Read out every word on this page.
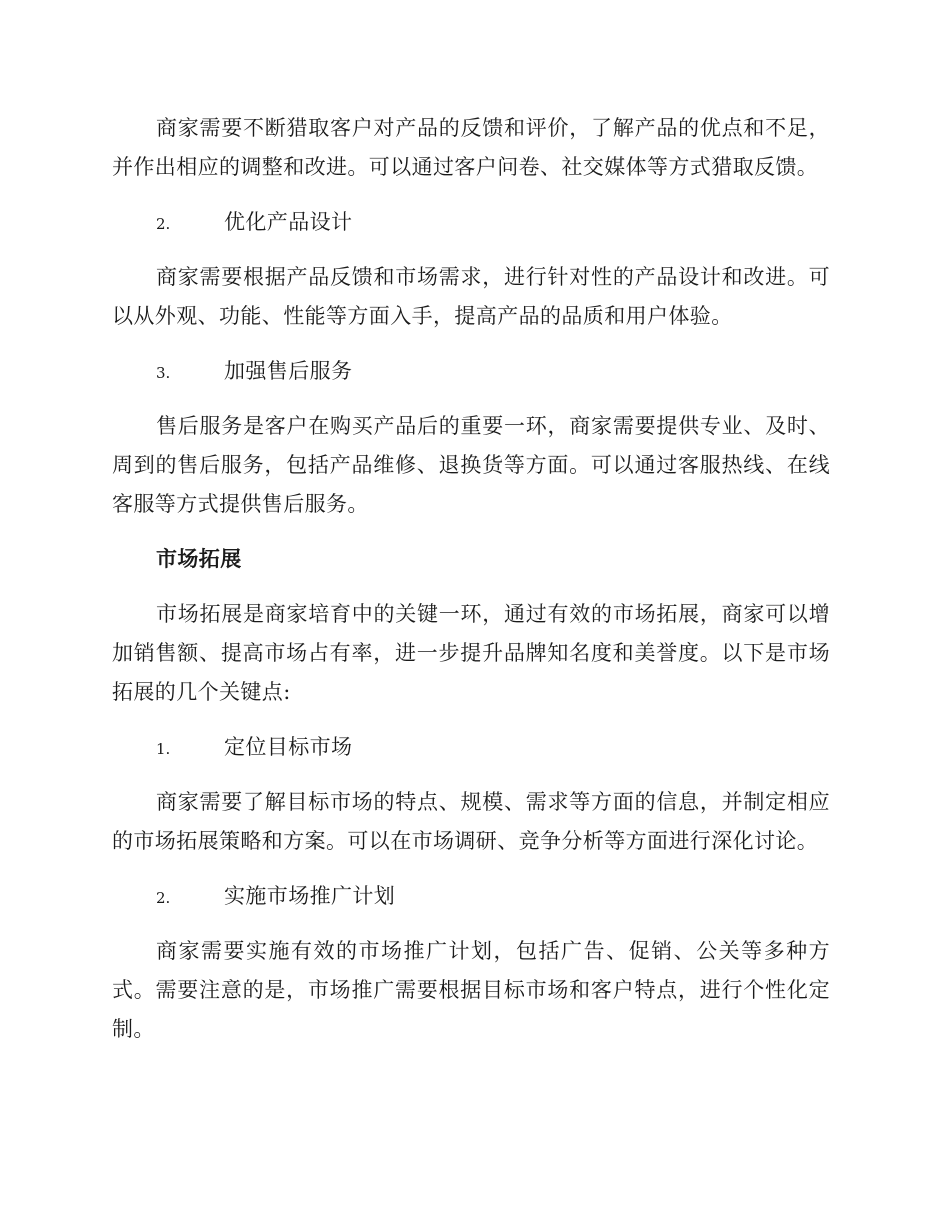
商家需要不断猎取客户对产品的反馈和评价，了解产品的优点和不足，并作出相应的调整和改进。可以通过客户问卷、社交媒体等方式猎取反馈。

2.	优化产品设计

商家需要根据产品反馈和市场需求，进行针对性的产品设计和改进。可以从外观、功能、性能等方面入手，提高产品的品质和用户体验。

3.	加强售后服务

售后服务是客户在购买产品后的重要一环，商家需要提供专业、及时、周到的售后服务，包括产品维修、退换货等方面。可以通过客服热线、在线客服等方式提供售后服务。

市场拓展

市场拓展是商家培育中的关键一环，通过有效的市场拓展，商家可以增加销售额、提高市场占有率，进一步提升品牌知名度和美誉度。以下是市场拓展的几个关键点:

1.	定位目标市场

商家需要了解目标市场的特点、规模、需求等方面的信息，并制定相应的市场拓展策略和方案。可以在市场调研、竞争分析等方面进行深化讨论。

2.	实施市场推广计划

商家需要实施有效的市场推广计划，包括广告、促销、公关等多种方式。需要注意的是，市场推广需要根据目标市场和客户特点，进行个性化定制。
